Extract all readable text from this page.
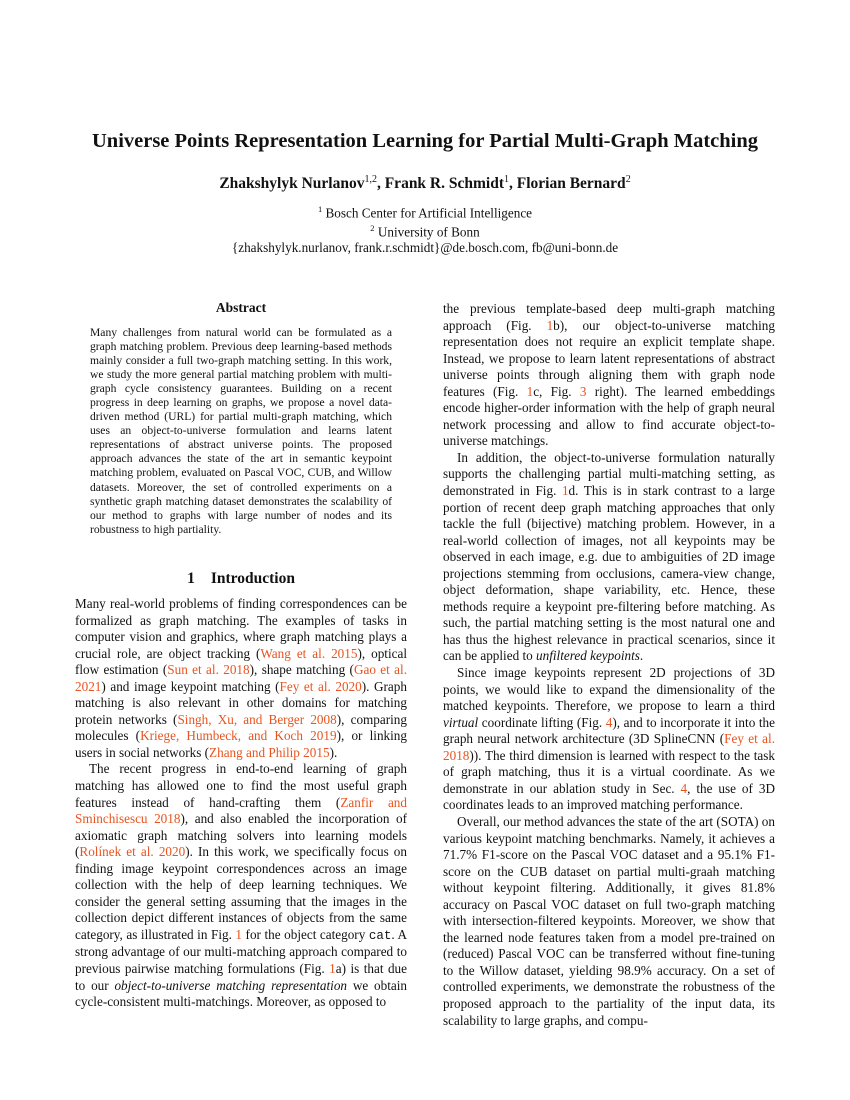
Universe Points Representation Learning for Partial Multi-Graph Matching
Zhakshylyk Nurlanov$^{1,2}$, Frank R. Schmidt$^1$, Florian Bernard$^2$
$^1$ Bosch Center for Artificial Intelligence
$^2$ University of Bonn
{zhakshylyk.nurlanov, frank.r.schmidt}@de.bosch.com, fb@uni-bonn.de
Abstract

Many challenges from natural world can be formulated as a graph matching problem. Previous deep learning-based methods mainly consider a full two-graph matching setting. In this work, we study the more general partial matching problem with multi-graph cycle consistency guarantees. Building on a recent progress in deep learning on graphs, we propose a novel data-driven method (URL) for partial multi-graph matching, which uses an object-to-universe formulation and learns latent representations of abstract universe points. The proposed approach advances the state of the art in semantic keypoint matching problem, evaluated on Pascal VOC, CUB, and Willow datasets. Moreover, the set of controlled experiments on a synthetic graph matching dataset demonstrates the scalability of our method to graphs with large number of nodes and its robustness to high partiality.

1 Introduction

Many real-world problems of finding correspondences can be formalized as graph matching. The examples of tasks in computer vision and graphics, where graph matching plays a crucial role, are object tracking (Wang et al. 2015), optical flow estimation (Sun et al. 2018), shape matching (Gao et al. 2021) and image keypoint matching (Fey et al. 2020). Graph matching is also relevant in other domains for matching protein networks (Singh, Xu, and Berger 2008), comparing molecules (Kriege, Humbeck, and Koch 2019), or linking users in social networks (Zhang and Philip 2015).

The recent progress in end-to-end learning of graph matching has allowed one to find the most useful graph features instead of hand-crafting them (Zanfir and Sminchisescu 2018), and also enabled the incorporation of axiomatic graph matching solvers into learning models (Rolínek et al. 2020). In this work, we specifically focus on finding image keypoint correspondences across an image collection with the help of deep learning techniques. We consider the general setting assuming that the images in the collection depict different instances of objects from the same category, as illustrated in Fig. 1 for the object category cat. A strong advantage of our multi-matching approach compared to previous pairwise matching formulations (Fig. 1a) is that due to our object-to-universe matching representation we obtain cycle-consistent multi-matchings. Moreover, as opposed to

the previous template-based deep multi-graph matching approach (Fig. 1b), our object-to-universe matching representation does not require an explicit template shape. Instead, we propose to learn latent representations of abstract universe points through aligning them with graph node features (Fig. 1c, Fig. 3 right). The learned embeddings encode higher-order information with the help of graph neural network processing and allow to find accurate object-to-universe matchings.

In addition, the object-to-universe formulation naturally supports the challenging partial multi-matching setting, as demonstrated in Fig. 1d. This is in stark contrast to a large portion of recent deep graph matching approaches that only tackle the full (bijective) matching problem. However, in a real-world collection of images, not all keypoints may be observed in each image, e.g. due to ambiguities of 2D image projections stemming from occlusions, camera-view change, object deformation, shape variability, etc. Hence, these methods require a keypoint pre-filtering before matching. As such, the partial matching setting is the most natural one and has thus the highest relevance in practical scenarios, since it can be applied to unfiltered keypoints.

Since image keypoints represent 2D projections of 3D points, we would like to expand the dimensionality of the matched keypoints. Therefore, we propose to learn a third virtual coordinate lifting (Fig. 4), and to incorporate it into the graph neural network architecture (3D SplineCNN (Fey et al. 2018)). The third dimension is learned with respect to the task of graph matching, thus it is a virtual coordinate. As we demonstrate in our ablation study in Sec. 4, the use of 3D coordinates leads to an improved matching performance.

Overall, our method advances the state of the art (SOTA) on various keypoint matching benchmarks. Namely, it achieves a 71.7% F1-score on the Pascal VOC dataset and a 95.1% F1-score on the CUB dataset on partial multi-graah matching without keypoint filtering. Additionally, it gives 81.8% accuracy on Pascal VOC dataset on full two-graph matching with intersection-filtered keypoints. Moreover, we show that the learned node features taken from a model pre-trained on (reduced) Pascal VOC can be transferred without fine-tuning to the Willow dataset, yielding 98.9% accuracy. On a set of controlled experiments, we demonstrate the robustness of the proposed approach to the partiality of the input data, its scalability to large graphs, and compu-
